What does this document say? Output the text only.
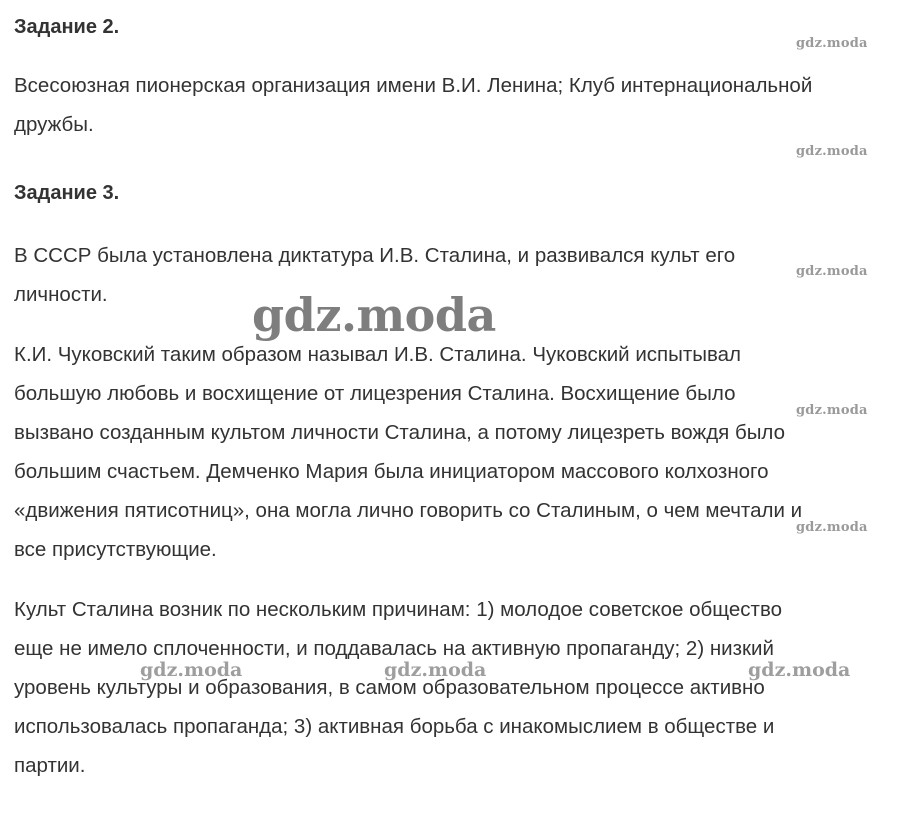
Задание 2.
Всесоюзная пионерская организация имени В.И. Ленина; Клуб интернациональной
дружбы.
Задание 3.
В СССР была установлена диктатура И.В. Сталина, и развивался культ его
личности.
К.И. Чуковский таким образом называл И.В. Сталина. Чуковский испытывал
большую любовь и восхищение от лицезрения Сталина. Восхищение было
вызвано созданным культом личности Сталина, а потому лицезреть вождя было
большим счастьем. Демченко Мария была инициатором массового колхозного
«движения пятисотниц», она могла лично говорить со Сталиным, о чем мечтали и
все присутствующие.
Культ Сталина возник по нескольким причинам: 1) молодое советское общество
еще не имело сплоченности, и поддавалась на активную пропаганду; 2) низкий
уровень культуры и образования, в самом образовательном процессе активно
использовалась пропаганда; 3) активная борьба с инакомыслием в обществе и
партии.
gdz.moda
gdz.moda
gdz.moda
gdz.moda
gdz.moda
gdz.moda
gdz.moda	gdz.moda	gdz.moda
